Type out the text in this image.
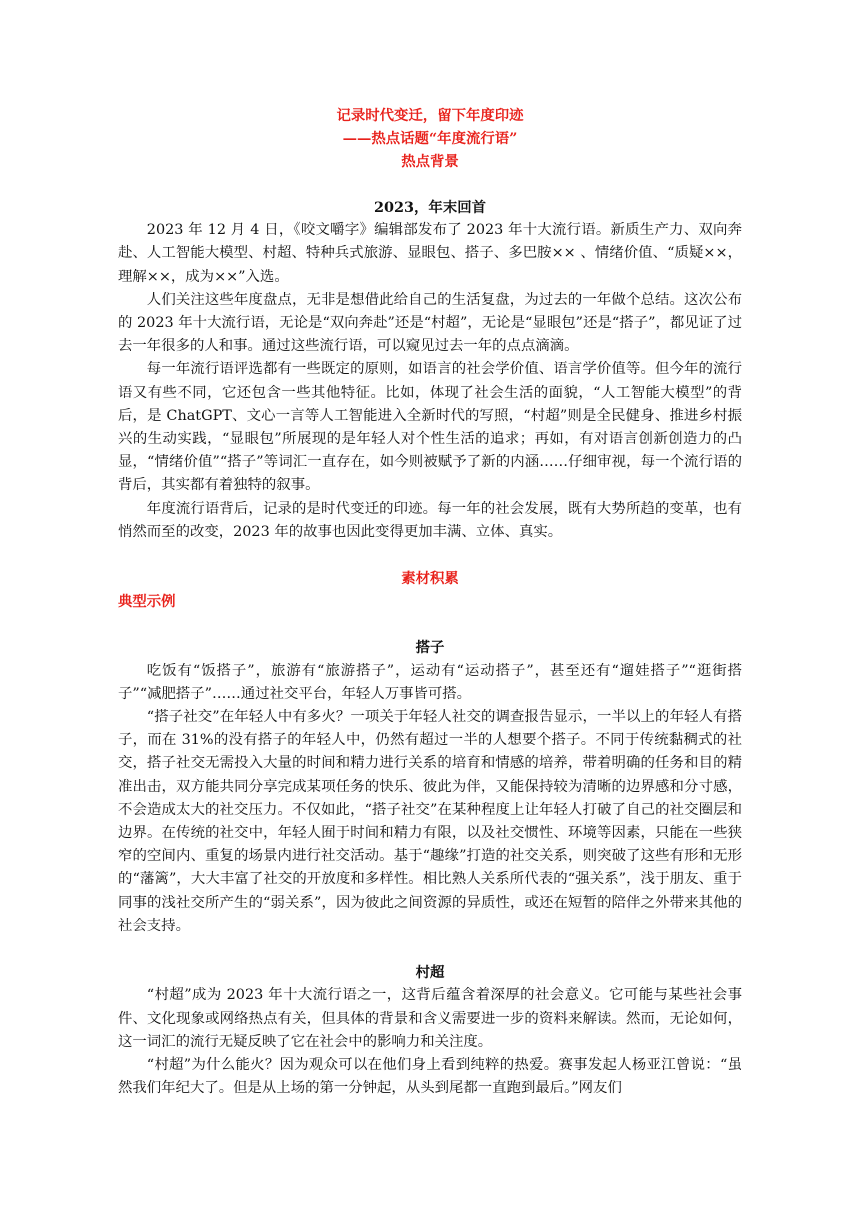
记录时代变迁，留下年度印迹
——热点话题“年度流行语”
热点背景
2023，年末回首

2023 年 12 月 4 日，《咬文嚼字》编辑部发布了 2023 年十大流行语。新质生产力、双向奔赴、人工智能大模型、村超、特种兵式旅游、显眼包、搭子、多巴胺×× 、情绪价值、“质疑××，理解××，成为××”入选。

人们关注这些年度盘点，无非是想借此给自己的生活复盘，为过去的一年做个总结。这次公布的 2023 年十大流行语，无论是“双向奔赴”还是“村超”，无论是“显眼包”还是“搭子”，都见证了过去一年很多的人和事。通过这些流行语，可以窥见过去一年的点点滴滴。

每一年流行语评选都有一些既定的原则，如语言的社会学价值、语言学价值等。但今年的流行语又有些不同，它还包含一些其他特征。比如，体现了社会生活的面貌，“人工智能大模型”的背后，是 ChatGPT、文心一言等人工智能进入全新时代的写照，“村超”则是全民健身、推进乡村振兴的生动实践，“显眼包”所展现的是年轻人对个性生活的追求；再如，有对语言创新创造力的凸显，“情绪价值”“搭子”等词汇一直存在，如今则被赋予了新的内涵……仔细审视，每一个流行语的背后，其实都有着独特的叙事。

年度流行语背后，记录的是时代变迁的印迹。每一年的社会发展，既有大势所趋的变革，也有悄然而至的改变，2023 年的故事也因此变得更加丰满、立体、真实。

素材积累
典型示例
搭子

吃饭有“饭搭子”，旅游有“旅游搭子”，运动有“运动搭子”，甚至还有“遛娃搭子”“逛街搭子”“减肥搭子”……通过社交平台，年轻人万事皆可搭。

“搭子社交”在年轻人中有多火？一项关于年轻人社交的调查报告显示，一半以上的年轻人有搭子，而在 31%的没有搭子的年轻人中，仍然有超过一半的人想要个搭子。不同于传统黏稠式的社交，搭子社交无需投入大量的时间和精力进行关系的培育和情感的培养，带着明确的任务和目的精准出击，双方能共同分享完成某项任务的快乐、彼此为伴，又能保持较为清晰的边界感和分寸感，不会造成太大的社交压力。不仅如此，“搭子社交”在某种程度上让年轻人打破了自己的社交圈层和边界。在传统的社交中，年轻人囿于时间和精力有限，以及社交惯性、环境等因素，只能在一些狭窄的空间内、重复的场景内进行社交活动。基于“趣缘”打造的社交关系，则突破了这些有形和无形的“藩篱”，大大丰富了社交的开放度和多样性。相比熟人关系所代表的“强关系”，浅于朋友、重于同事的浅社交所产生的“弱关系”，因为彼此之间资源的异质性，或还在短暂的陪伴之外带来其他的社会支持。

村超

“村超”成为 2023 年十大流行语之一，这背后蕴含着深厚的社会意义。它可能与某些社会事件、文化现象或网络热点有关，但具体的背景和含义需要进一步的资料来解读。然而，无论如何，这一词汇的流行无疑反映了它在社会中的影响力和关注度。

“村超”为什么能火？因为观众可以在他们身上看到纯粹的热爱。赛事发起人杨亚江曾说：“虽然我们年纪大了。但是从上场的第一分钟起，从头到尾都一直跑到最后。”网友们
